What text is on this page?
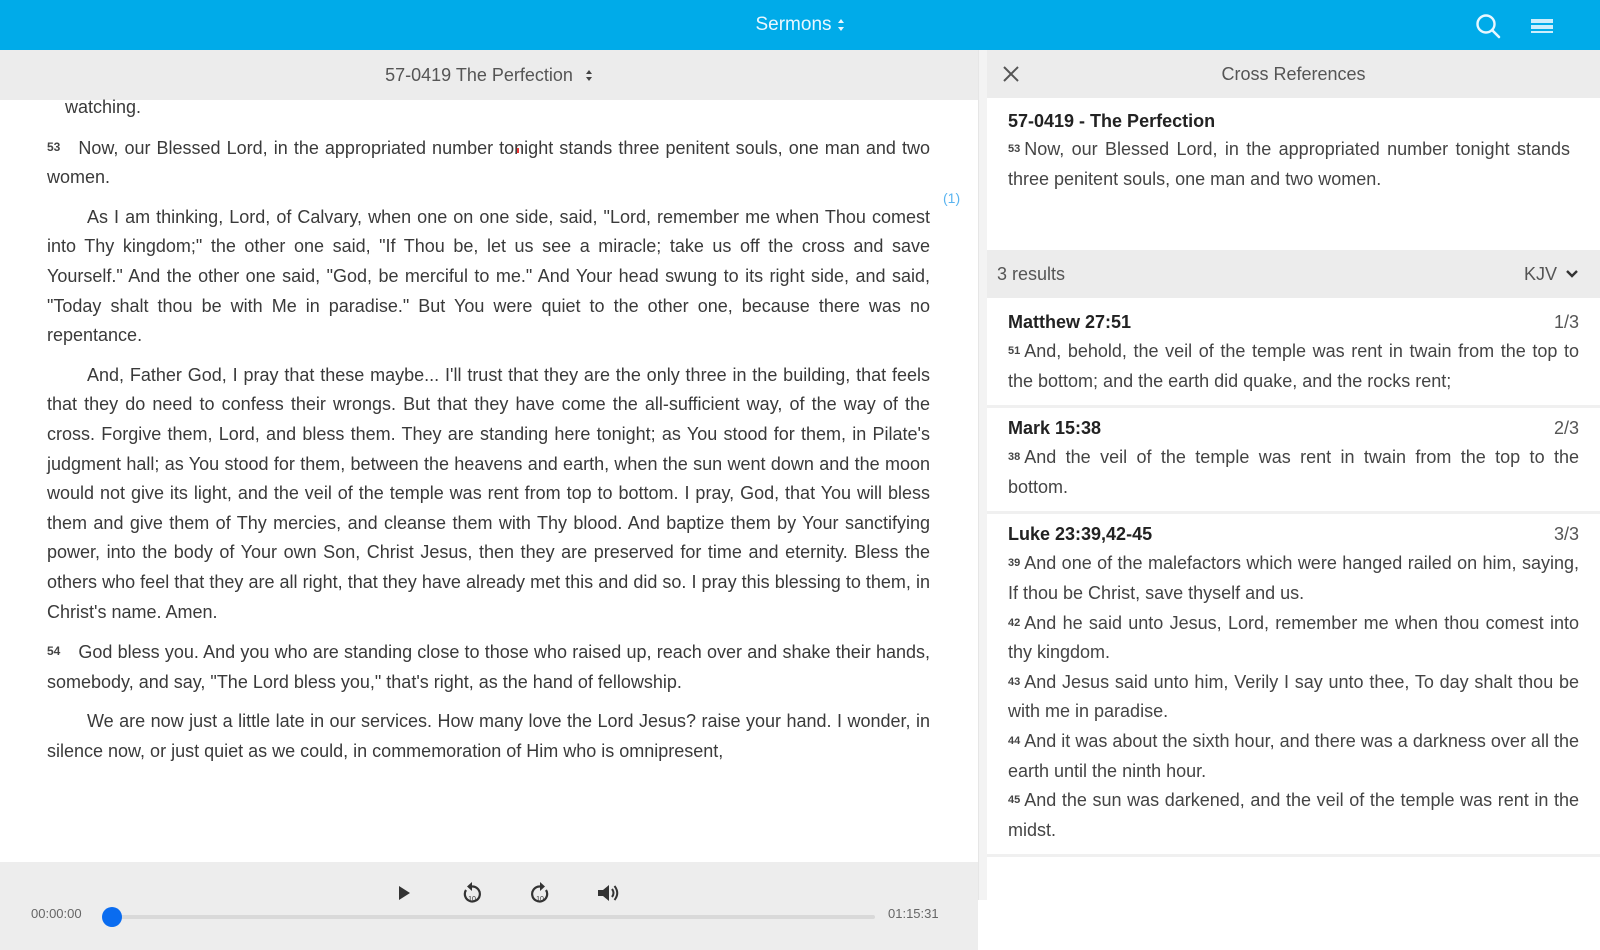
Sermons
57-0419 The Perfection

watching.

53 Now, our Blessed Lord, in the appropriated number tonight stands three penitent souls, one man and two women.

As I am thinking, Lord, of Calvary, when one on one side, said, "Lord, remember me when Thou comest into Thy kingdom;" the other one said, "If Thou be, let us see a miracle; take us off the cross and save Yourself." And the other one said, "God, be merciful to me." And Your head swung to its right side, and said, "Today shalt thou be with Me in paradise." But You were quiet to the other one, because there was no repentance.

And, Father God, I pray that these maybe... I'll trust that they are the only three in the building, that feels that they do need to confess their wrongs. But that they have come the all-sufficient way, of the way of the cross. Forgive them, Lord, and bless them. They are standing here tonight; as You stood for them, in Pilate's judgment hall; as You stood for them, between the heavens and earth, when the sun went down and the moon would not give its light, and the veil of the temple was rent from top to bottom. I pray, God, that You will bless them and give them of Thy mercies, and cleanse them with Thy blood. And baptize them by Your sanctifying power, into the body of Your own Son, Christ Jesus, then they are preserved for time and eternity. Bless the others who feel that they are all right, that they have already met this and did so. I pray this blessing to them, in Christ's name. Amen.

54 God bless you. And you who are standing close to those who raised up, reach over and shake their hands, somebody, and say, "The Lord bless you," that's right, as the hand of fellowship.

We are now just a little late in our services. How many love the Lord Jesus? raise your hand. I wonder, in silence now, or just quiet as we could, in commemoration of Him who is omnipresent,

(1)
10	10
00:00:00	01:15:31
Cross References
57-0419 - The Perfection
53 Now, our Blessed Lord, in the appropriated number tonight stands three penitent souls, one man and two women.
3 results	KJV
Matthew 27:51	1/3
51 And, behold, the veil of the temple was rent in twain from the top to the bottom; and the earth did quake, and the rocks rent;
Mark 15:38	2/3
38 And the veil of the temple was rent in twain from the top to the bottom.
Luke 23:39,42-45	3/3
39 And one of the malefactors which were hanged railed on him, saying, If thou be Christ, save thyself and us.
42 And he said unto Jesus, Lord, remember me when thou comest into thy kingdom.
43 And Jesus said unto him, Verily I say unto thee, To day shalt thou be with me in paradise.
44 And it was about the sixth hour, and there was a darkness over all the earth until the ninth hour.
45 And the sun was darkened, and the veil of the temple was rent in the midst.
